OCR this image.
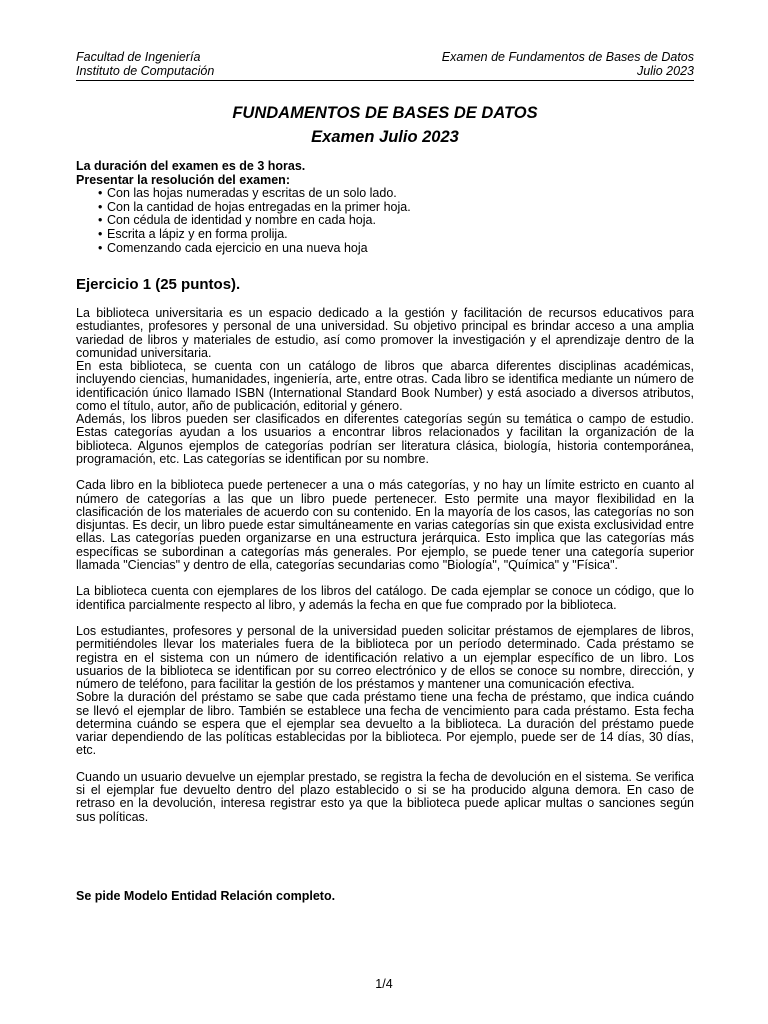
Facultad de Ingeniería	Examen de Fundamentos de Bases de Datos
Instituto de Computación	Julio 2023
FUNDAMENTOS DE BASES DE DATOS
Examen Julio 2023
La duración del examen es de 3 horas.
Presentar la resolución del examen:
• Con las hojas numeradas y escritas de un solo lado.
• Con la cantidad de hojas entregadas en la primer hoja.
• Con cédula de identidad y nombre en cada hoja.
• Escrita a lápiz y en forma prolija.
• Comenzando cada ejercicio en una nueva hoja
Ejercicio 1 (25 puntos).

La biblioteca universitaria es un espacio dedicado a la gestión y facilitación de recursos educativos para estudiantes, profesores y personal de una universidad. Su objetivo principal es brindar acceso a una amplia variedad de libros y materiales de estudio, así como promover la investigación y el aprendizaje dentro de la comunidad universitaria.

En esta biblioteca, se cuenta con un catálogo de libros que abarca diferentes disciplinas académicas, incluyendo ciencias, humanidades, ingeniería, arte, entre otras. Cada libro se identifica mediante un número de identificación único llamado ISBN (International Standard Book Number) y está asociado a diversos atributos, como el título, autor, año de publicación, editorial y género.

Además, los libros pueden ser clasificados en diferentes categorías según su temática o campo de estudio. Estas categorías ayudan a los usuarios a encontrar libros relacionados y facilitan la organización de la biblioteca. Algunos ejemplos de categorías podrían ser literatura clásica, biología, historia contemporánea, programación, etc. Las categorías se identifican por su nombre.

Cada libro en la biblioteca puede pertenecer a una o más categorías, y no hay un límite estricto en cuanto al número de categorías a las que un libro puede pertenecer. Esto permite una mayor flexibilidad en la clasificación de los materiales de acuerdo con su contenido. En la mayoría de los casos, las categorías no son disjuntas. Es decir, un libro puede estar simultáneamente en varias categorías sin que exista exclusividad entre ellas. Las categorías pueden organizarse en una estructura jerárquica. Esto implica que las categorías más específicas se subordinan a categorías más generales. Por ejemplo, se puede tener una categoría superior llamada "Ciencias" y dentro de ella, categorías secundarias como "Biología", "Química" y "Física".

La biblioteca cuenta con ejemplares de los libros del catálogo. De cada ejemplar se conoce un código, que lo identifica parcialmente respecto al libro, y además la fecha en que fue comprado por la biblioteca.

Los estudiantes, profesores y personal de la universidad pueden solicitar préstamos de ejemplares de libros, permitiéndoles llevar los materiales fuera de la biblioteca por un período determinado. Cada préstamo se registra en el sistema con un número de identificación relativo a un ejemplar específico de un libro. Los usuarios de la biblioteca se identifican por su correo electrónico y de ellos se conoce su nombre, dirección, y número de teléfono, para facilitar la gestión de los préstamos y mantener una comunicación efectiva.

Sobre la duración del préstamo se sabe que cada préstamo tiene una fecha de préstamo, que indica cuándo se llevó el ejemplar de libro. También se establece una fecha de vencimiento para cada préstamo. Esta fecha determina cuándo se espera que el ejemplar sea devuelto a la biblioteca. La duración del préstamo puede variar dependiendo de las políticas establecidas por la biblioteca. Por ejemplo, puede ser de 14 días, 30 días, etc.

Cuando un usuario devuelve un ejemplar prestado, se registra la fecha de devolución en el sistema. Se verifica si el ejemplar fue devuelto dentro del plazo establecido o si se ha producido alguna demora. En caso de retraso en la devolución, interesa registrar esto ya que la biblioteca puede aplicar multas o sanciones según sus políticas.

Se pide Modelo Entidad Relación completo.
1/4
